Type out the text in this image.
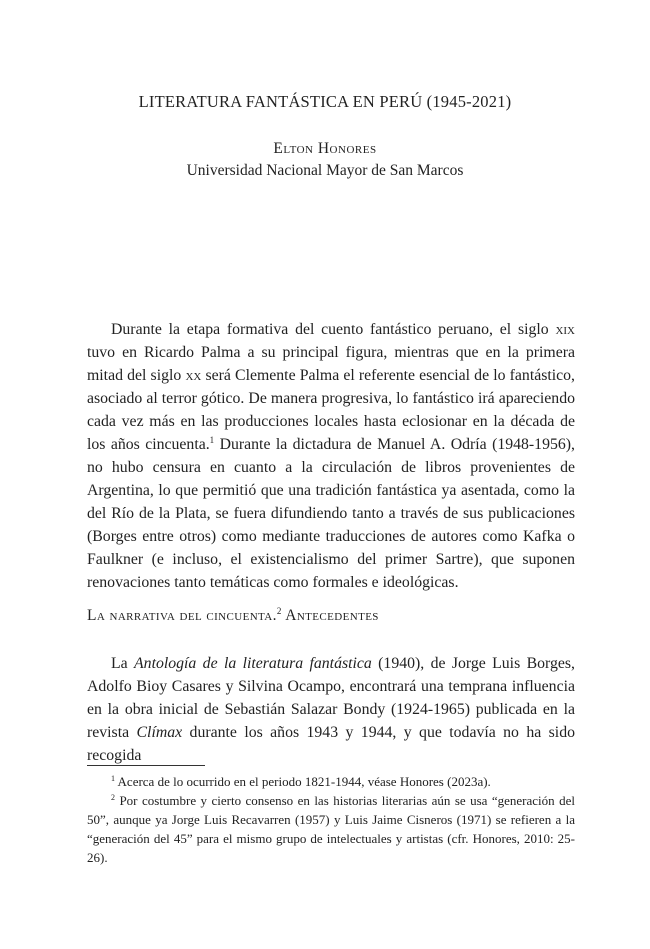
LITERATURA FANTÁSTICA EN PERÚ (1945-2021)
Elton Honores
Universidad Nacional Mayor de San Marcos

Durante la etapa formativa del cuento fantástico peruano, el siglo xix tuvo en Ricardo Palma a su principal figura, mientras que en la primera mitad del siglo xx será Clemente Palma el referente esencial de lo fantástico, asociado al terror gótico. De manera progresiva, lo fantástico irá apareciendo cada vez más en las producciones locales hasta eclosionar en la década de los años cincuenta.$^1$ Durante la dictadura de Manuel A. Odría (1948-1956), no hubo censura en cuanto a la circulación de libros provenientes de Argentina, lo que permitió que una tradición fantástica ya asentada, como la del Río de la Plata, se fuera difundiendo tanto a través de sus publicaciones (Borges entre otros) como mediante traducciones de autores como Kafka o Faulkner (e incluso, el existencialismo del primer Sartre), que suponen renovaciones tanto temáticas como formales e ideológicas.

La narrativa del cincuenta.$^2$ Antecedentes

La Antología de la literatura fantástica (1940), de Jorge Luis Borges, Adolfo Bioy Casares y Silvina Ocampo, encontrará una temprana influencia en la obra inicial de Sebastián Salazar Bondy (1924-1965) publicada en la revista Clímax durante los años 1943 y 1944, y que todavía no ha sido recogida

$^1$ Acerca de lo ocurrido en el periodo 1821-1944, véase Honores (2023a).

$^2$ Por costumbre y cierto consenso en las historias literarias aún se usa “generación del 50”, aunque ya Jorge Luis Recavarren (1957) y Luis Jaime Cisneros (1971) se refieren a la “generación del 45” para el mismo grupo de intelectuales y artistas (cfr. Honores, 2010: 25-26).
